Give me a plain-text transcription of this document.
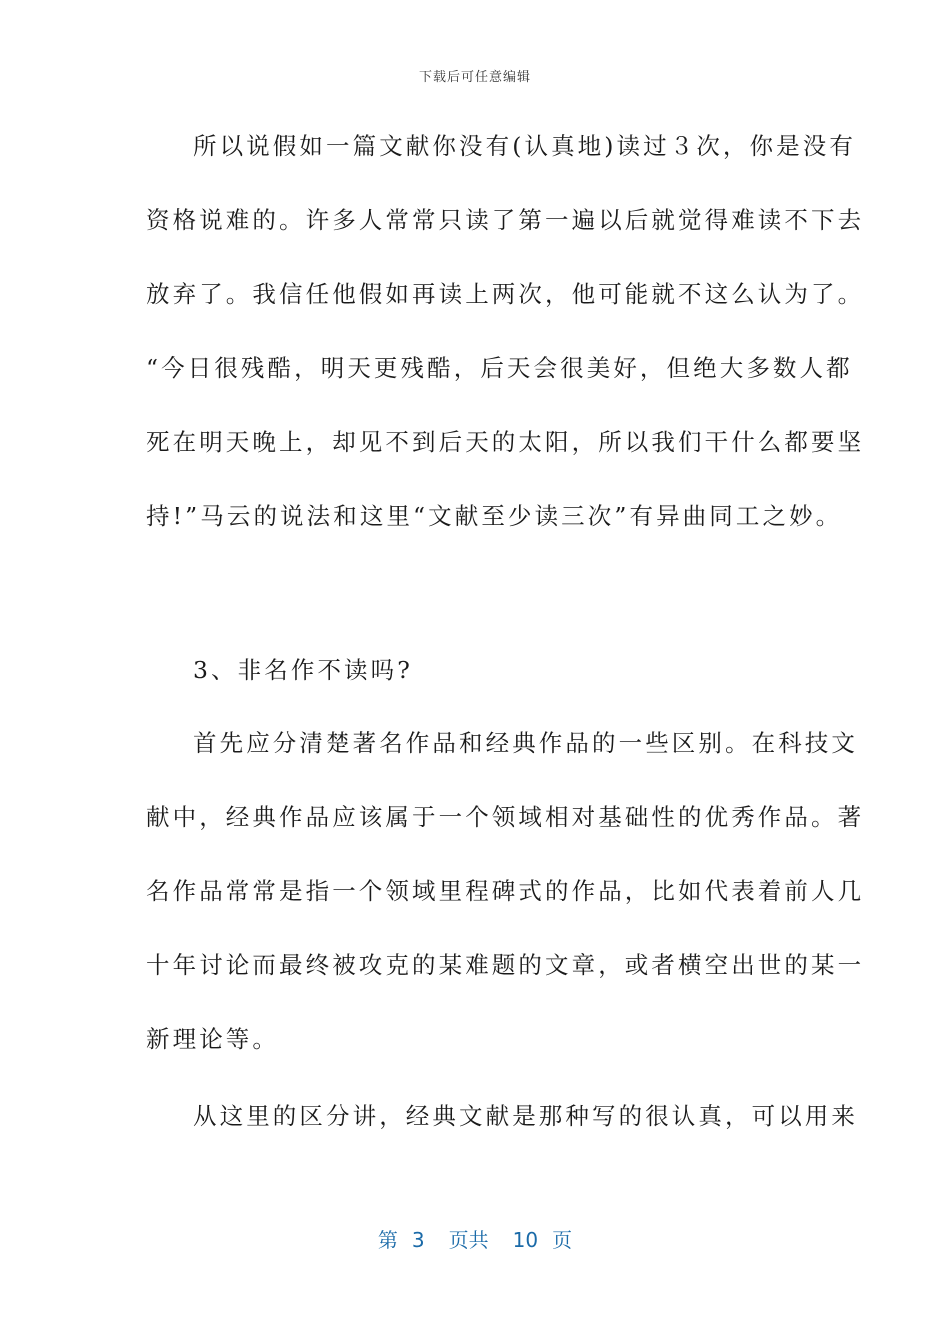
下载后可任意编辑
所以说假如一篇文献你没有(认真地)读过３次，你是没有
资格说难的。许多人常常只读了第一遍以后就觉得难读不下去
放弃了。我信任他假如再读上两次，他可能就不这么认为了。
“今日很残酷，明天更残酷，后天会很美好，但绝大多数人都
死在明天晚上，却见不到后天的太阳，所以我们干什么都要坚
持!”马云的说法和这里“文献至少读三次”有异曲同工之妙。
3、非名作不读吗?
首先应分清楚著名作品和经典作品的一些区别。在科技文
献中，经典作品应该属于一个领域相对基础性的优秀作品。著
名作品常常是指一个领域里程碑式的作品，比如代表着前人几
十年讨论而最终被攻克的某难题的文章，或者横空出世的某一
新理论等。
从这里的区分讲，经典文献是那种写的很认真，可以用来
第 3 页共 10 页
